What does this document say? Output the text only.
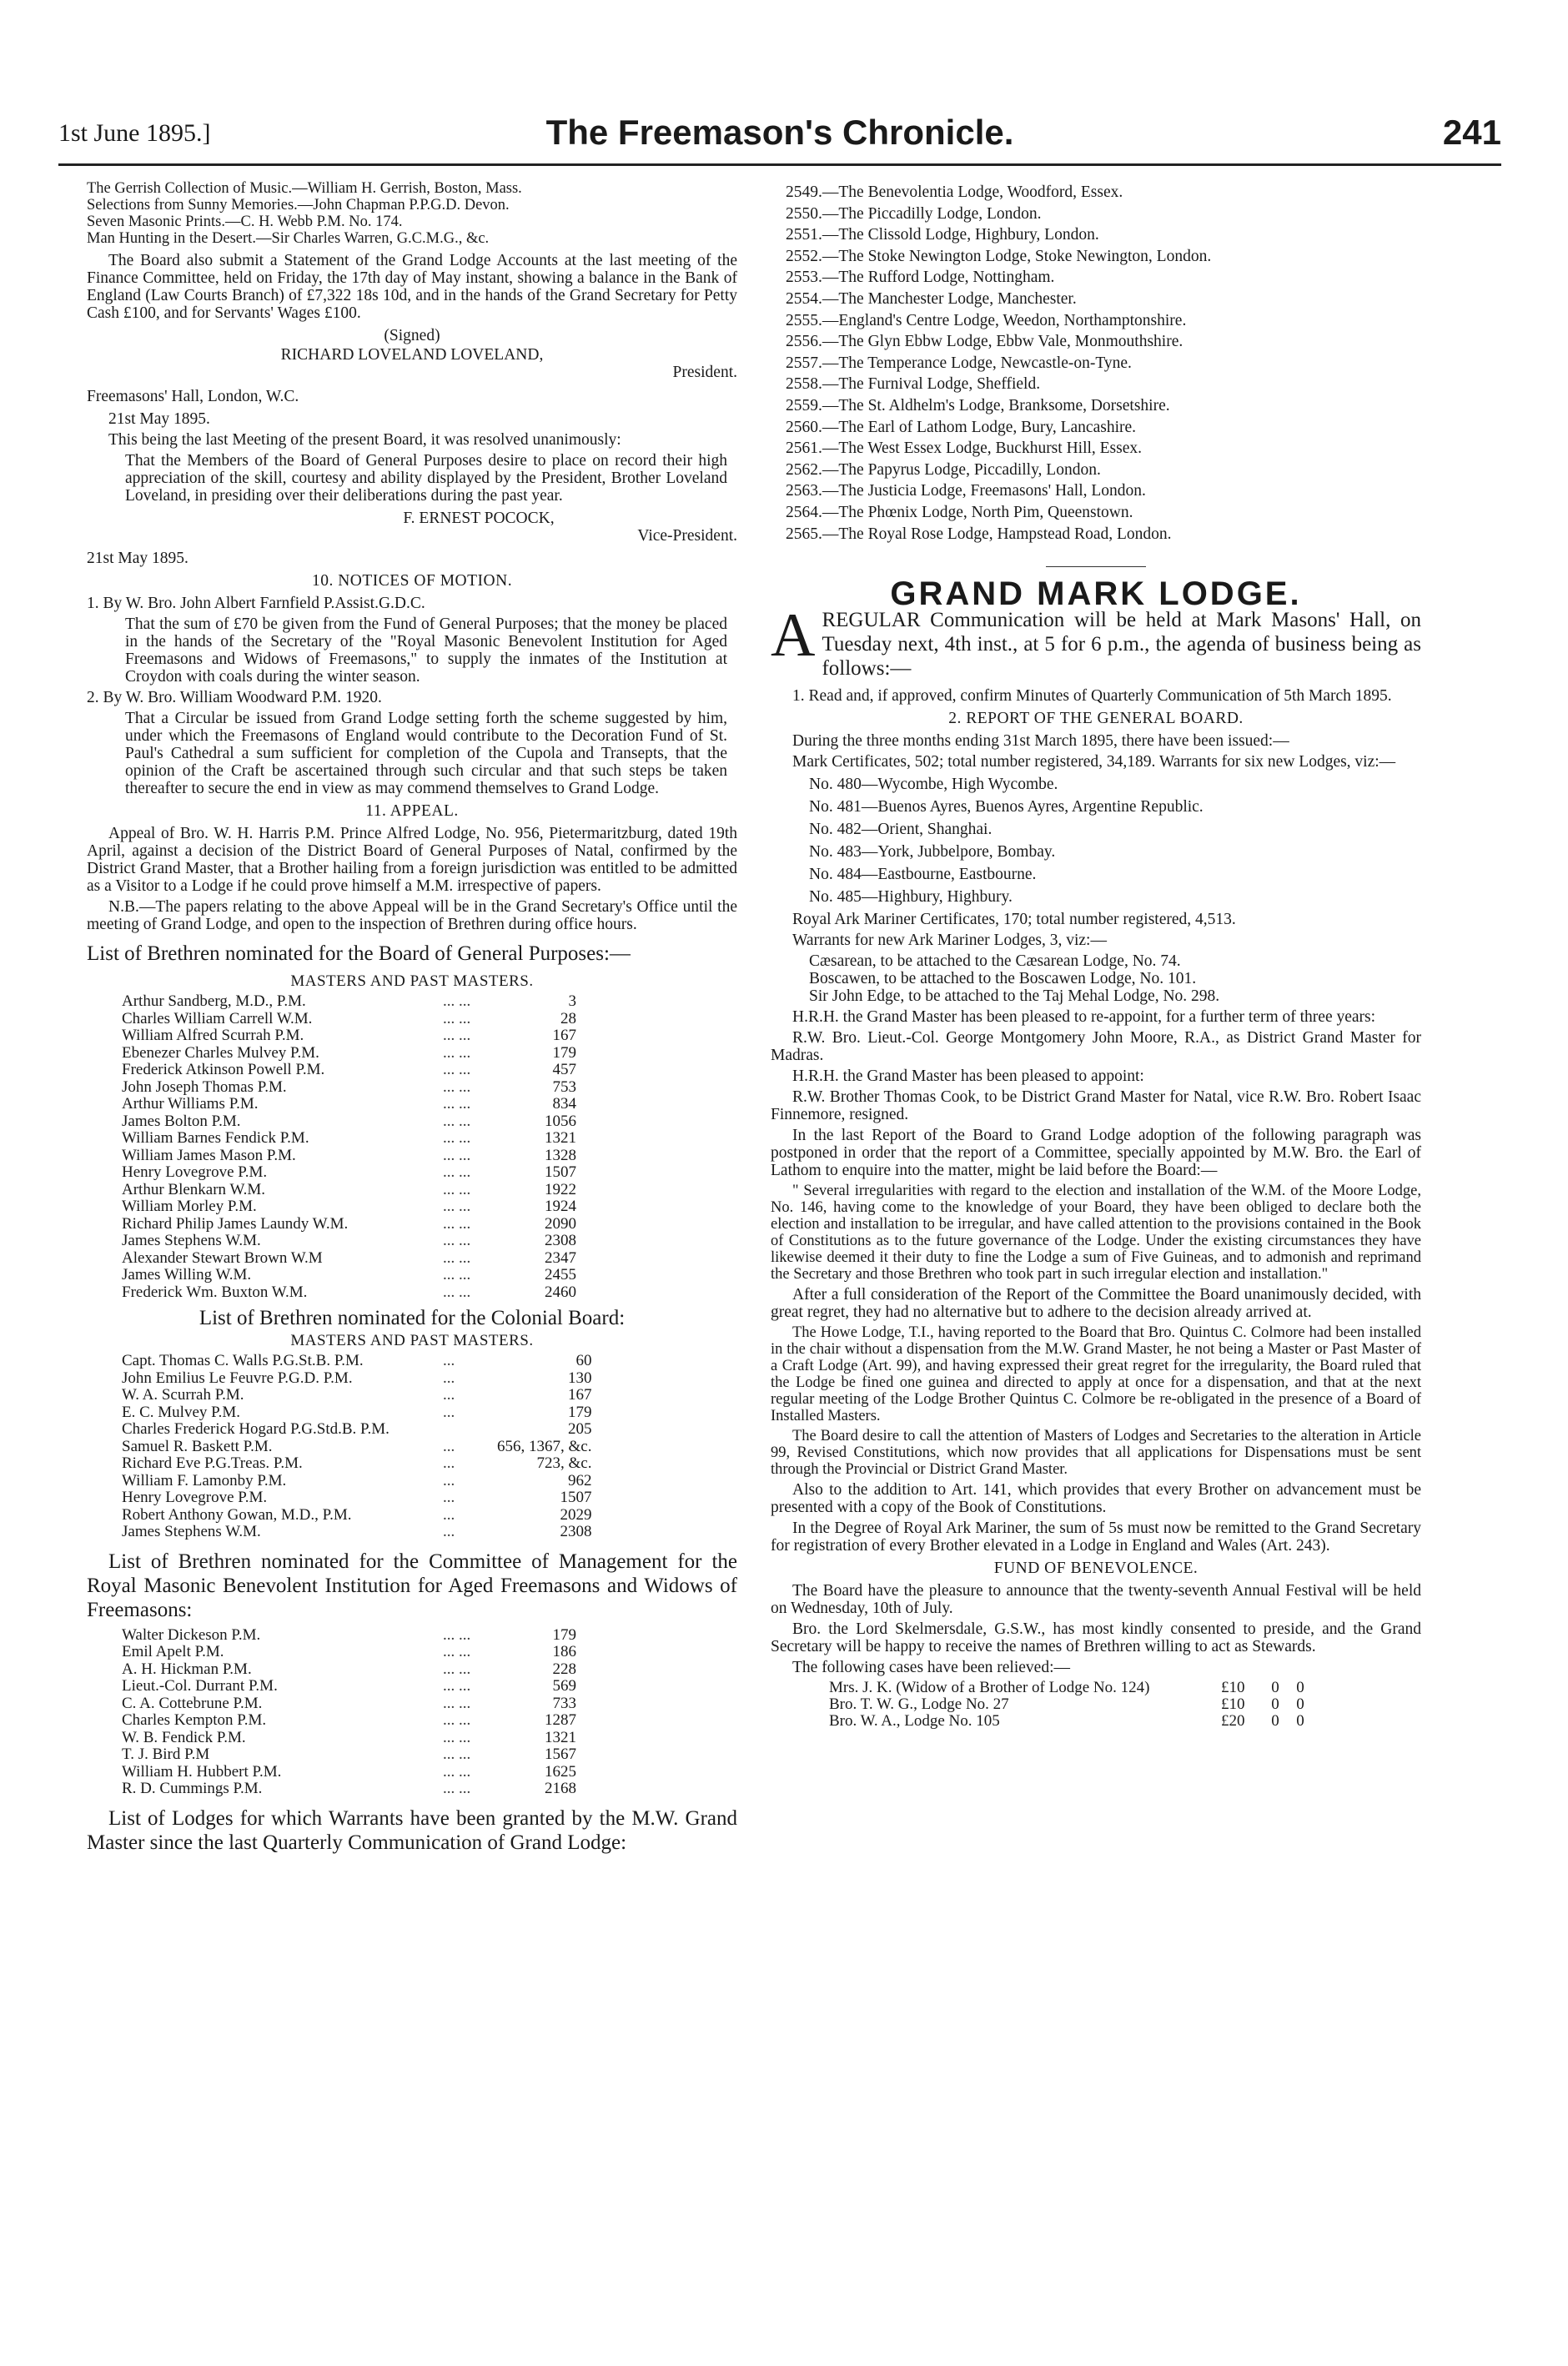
1st June 1895.]	The Freemason's Chronicle.	241

The Gerrish Collection of Music.—William H. Gerrish, Boston, Mass.

Selections from Sunny Memories.—John Chapman P.P.G.D. Devon.

Seven Masonic Prints.—C. H. Webb P.M. No. 174.

Man Hunting in the Desert.—Sir Charles Warren, G.C.M.G., &c.

The Board also submit a Statement of the Grand Lodge Accounts at the last meeting of the Finance Committee, held on Friday, the 17th day of May instant, showing a balance in the Bank of England (Law Courts Branch) of £7,322 18s 10d, and in the hands of the Grand Secretary for Petty Cash £100, and for Servants' Wages £100.

(Signed)

RICHARD LOVELAND LOVELAND,

President.

Freemasons' Hall, London, W.C.

21st May 1895.

This being the last Meeting of the present Board, it was resolved unanimously:

That the Members of the Board of General Purposes desire to place on record their high appreciation of the skill, courtesy and ability displayed by the President, Brother Loveland Loveland, in presiding over their deliberations during the past year.

F. ERNEST POCOCK,

Vice-President.

21st May 1895.

10. NOTICES OF MOTION.

1. By W. Bro. John Albert Farnfield P.Assist.G.D.C.

That the sum of £70 be given from the Fund of General Purposes; that the money be placed in the hands of the Secretary of the "Royal Masonic Benevolent Institution for Aged Freemasons and Widows of Freemasons," to supply the inmates of the Institution at Croydon with coals during the winter season.

2. By W. Bro. William Woodward P.M. 1920.

That a Circular be issued from Grand Lodge setting forth the scheme suggested by him, under which the Freemasons of England would contribute to the Decoration Fund of St. Paul's Cathedral a sum sufficient for completion of the Cupola and Transepts, that the opinion of the Craft be ascertained through such circular and that such steps be taken thereafter to secure the end in view as may commend themselves to Grand Lodge.

11. APPEAL.

Appeal of Bro. W. H. Harris P.M. Prince Alfred Lodge, No. 956, Pietermaritzburg, dated 19th April, against a decision of the District Board of General Purposes of Natal, confirmed by the District Grand Master, that a Brother hailing from a foreign jurisdiction was entitled to be admitted as a Visitor to a Lodge if he could prove himself a M.M. irrespective of papers.

N.B.—The papers relating to the above Appeal will be in the Grand Secretary's Office until the meeting of Grand Lodge, and open to the inspection of Brethren during office hours.

List of Brethren nominated for the Board of General Purposes:—

MASTERS AND PAST MASTERS.

Arthur Sandberg, M.D., P.M.	... ...	3
Charles William Carrell W.M.	... ...	28
William Alfred Scurrah P.M.	... ...	167
Ebenezer Charles Mulvey P.M.	... ...	179
Frederick Atkinson Powell P.M.	... ...	457
John Joseph Thomas P.M.	... ...	753
Arthur Williams P.M.	... ...	834
James Bolton P.M.	... ...	1056
William Barnes Fendick P.M.	... ...	1321
William James Mason P.M.	... ...	1328
Henry Lovegrove P.M.	... ...	1507
Arthur Blenkarn W.M.	... ...	1922
William Morley P.M.	... ...	1924
Richard Philip James Laundy W.M.	... ...	2090
James Stephens W.M.	... ...	2308
Alexander Stewart Brown W.M	... ...	2347
James Willing W.M.	... ...	2455
Frederick Wm. Buxton W.M.	... ...	2460

List of Brethren nominated for the Colonial Board:

MASTERS AND PAST MASTERS.

Capt. Thomas C. Walls P.G.St.B. P.M.	...	60
John Emilius Le Feuvre P.G.D. P.M.	...	130
W. A. Scurrah P.M.	...	167
E. C. Mulvey P.M.	...	179
Charles Frederick Hogard P.G.Std.B. P.M.		205
Samuel R. Baskett P.M.	...	656, 1367, &c.
Richard Eve P.G.Treas. P.M.	...	723, &c.
William F. Lamonby P.M.	...	962
Henry Lovegrove P.M.	...	1507
Robert Anthony Gowan, M.D., P.M.	...	2029
James Stephens W.M.	...	2308

List of Brethren nominated for the Committee of Management for the Royal Masonic Benevolent Institution for Aged Freemasons and Widows of Freemasons:

Walter Dickeson P.M.	... ...	179
Emil Apelt P.M.	... ...	186
A. H. Hickman P.M.	... ...	228
Lieut.-Col. Durrant P.M.	... ...	569
C. A. Cottebrune P.M.	... ...	733
Charles Kempton P.M.	... ...	1287
W. B. Fendick P.M.	... ...	1321
T. J. Bird P.M	... ...	1567
William H. Hubbert P.M.	... ...	1625
R. D. Cummings P.M.	... ...	2168

List of Lodges for which Warrants have been granted by the M.W. Grand Master since the last Quarterly Communication of Grand Lodge:

2549.—The Benevolentia Lodge, Woodford, Essex.

2550.—The Piccadilly Lodge, London.

2551.—The Clissold Lodge, Highbury, London.

2552.—The Stoke Newington Lodge, Stoke Newington, London.

2553.—The Rufford Lodge, Nottingham.

2554.—The Manchester Lodge, Manchester.

2555.—England's Centre Lodge, Weedon, Northamptonshire.

2556.—The Glyn Ebbw Lodge, Ebbw Vale, Monmouthshire.

2557.—The Temperance Lodge, Newcastle-on-Tyne.

2558.—The Furnival Lodge, Sheffield.

2559.—The St. Aldhelm's Lodge, Branksome, Dorsetshire.

2560.—The Earl of Lathom Lodge, Bury, Lancashire.

2561.—The West Essex Lodge, Buckhurst Hill, Essex.

2562.—The Papyrus Lodge, Piccadilly, London.

2563.—The Justicia Lodge, Freemasons' Hall, London.

2564.—The Phœnix Lodge, North Pim, Queenstown.

2565.—The Royal Rose Lodge, Hampstead Road, London.

GRAND MARK LODGE.

AREGULAR Communication will be held at Mark Masons' Hall, on Tuesday next, 4th inst., at 5 for 6 p.m., the agenda of business being as follows:—

1. Read and, if approved, confirm Minutes of Quarterly Communication of 5th March 1895.

2. REPORT OF THE GENERAL BOARD.

During the three months ending 31st March 1895, there have been issued:—

Mark Certificates, 502; total number registered, 34,189. Warrants for six new Lodges, viz:—

No. 480—Wycombe, High Wycombe.

No. 481—Buenos Ayres, Buenos Ayres, Argentine Republic.

No. 482—Orient, Shanghai.

No. 483—York, Jubbelpore, Bombay.

No. 484—Eastbourne, Eastbourne.

No. 485—Highbury, Highbury.

Royal Ark Mariner Certificates, 170; total number registered, 4,513.

Warrants for new Ark Mariner Lodges, 3, viz:—

Cæsarean, to be attached to the Cæsarean Lodge, No. 74.

Boscawen, to be attached to the Boscawen Lodge, No. 101.

Sir John Edge, to be attached to the Taj Mehal Lodge, No. 298.

H.R.H. the Grand Master has been pleased to re-appoint, for a further term of three years:

R.W. Bro. Lieut.-Col. George Montgomery John Moore, R.A., as District Grand Master for Madras.

H.R.H. the Grand Master has been pleased to appoint:

R.W. Brother Thomas Cook, to be District Grand Master for Natal, vice R.W. Bro. Robert Isaac Finnemore, resigned.

In the last Report of the Board to Grand Lodge adoption of the following paragraph was postponed in order that the report of a Committee, specially appointed by M.W. Bro. the Earl of Lathom to enquire into the matter, might be laid before the Board:—

" Several irregularities with regard to the election and installation of the W.M. of the Moore Lodge, No. 146, having come to the knowledge of your Board, they have been obliged to declare both the election and installation to be irregular, and have called attention to the provisions contained in the Book of Constitutions as to the future governance of the Lodge. Under the existing circumstances they have likewise deemed it their duty to fine the Lodge a sum of Five Guineas, and to admonish and reprimand the Secretary and those Brethren who took part in such irregular election and installation."

After a full consideration of the Report of the Committee the Board unanimously decided, with great regret, they had no alternative but to adhere to the decision already arrived at.

The Howe Lodge, T.I., having reported to the Board that Bro. Quintus C. Colmore had been installed in the chair without a dispensation from the M.W. Grand Master, he not being a Master or Past Master of a Craft Lodge (Art. 99), and having expressed their great regret for the irregularity, the Board ruled that the Lodge be fined one guinea and directed to apply at once for a dispensation, and that at the next regular meeting of the Lodge Brother Quintus C. Colmore be re-obligated in the presence of a Board of Installed Masters.

The Board desire to call the attention of Masters of Lodges and Secretaries to the alteration in Article 99, Revised Constitutions, which now provides that all applications for Dispensations must be sent through the Provincial or District Grand Master.

Also to the addition to Art. 141, which provides that every Brother on advancement must be presented with a copy of the Book of Constitutions.

In the Degree of Royal Ark Mariner, the sum of 5s must now be remitted to the Grand Secretary for registration of every Brother elevated in a Lodge in England and Wales (Art. 243).

FUND OF BENEVOLENCE.

The Board have the pleasure to announce that the twenty-seventh Annual Festival will be held on Wednesday, 10th of July.

Bro. the Lord Skelmersdale, G.S.W., has most kindly consented to preside, and the Grand Secretary will be happy to receive the names of Brethren willing to act as Stewards.

The following cases have been relieved:—

Mrs. J. K. (Widow of a Brother of Lodge No. 124)	£10	0	0
Bro. T. W. G., Lodge No. 27	£10	0	0
Bro. W. A., Lodge No. 105	£20	0	0
